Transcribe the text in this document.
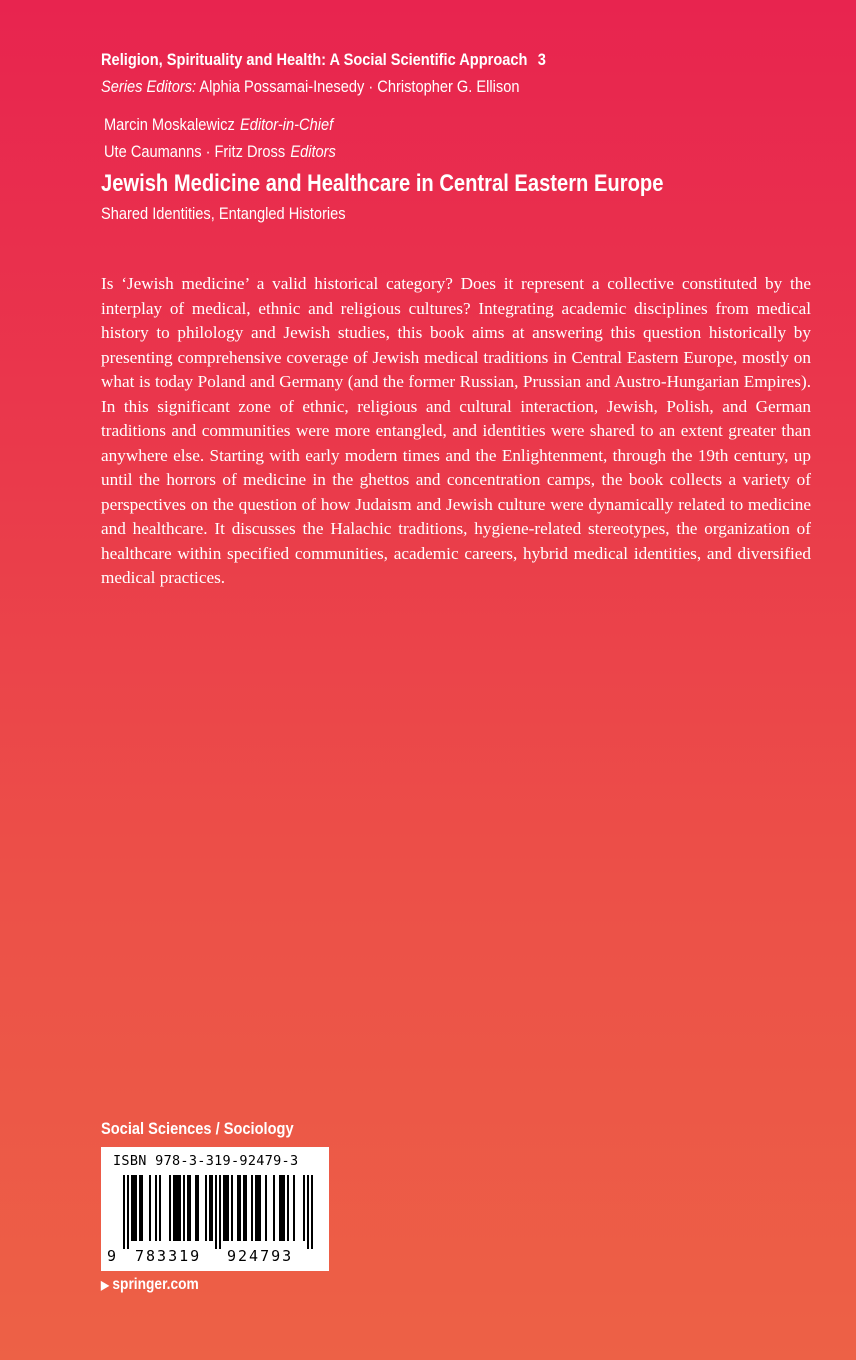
Religion, Spirituality and Health: A Social Scientific Approach 3
Series Editors: Alphia Possamai-Inesedy · Christopher G. Ellison
Marcin Moskalewicz Editor-in-Chief
Ute Caumanns · Fritz Dross Editors
Jewish Medicine and Healthcare in Central Eastern Europe
Shared Identities, Entangled Histories

Is ‘Jewish medicine’ a valid historical category? Does it represent a collective constituted by the interplay of medical, ethnic and religious cultures? Integrating academic disciplines from medical history to philology and Jewish studies, this book aims at answering this question historically by presenting comprehensive coverage of Jewish medical traditions in Central Eastern Europe, mostly on what is today Poland and Germany (and the former Russian, Prussian and Austro-Hungarian Empires). In this significant zone of ethnic, religious and cultural interaction, Jewish, Polish, and German traditions and communities were more entangled, and identities were shared to an extent greater than anywhere else. Starting with early modern times and the Enlightenment, through the 19th century, up until the horrors of medicine in the ghettos and concentration camps, the book collects a variety of perspectives on the question of how Judaism and Jewish culture were dynamically related to medicine and healthcare. It discusses the Halachic traditions, hygiene-related stereotypes, the organization of healthcare within specified communities, academic careers, hybrid medical identities, and diversified medical practices.

Social Sciences / Sociology
ISBN 978-3-319-92479-3
9 783319 924793
▶ springer.com
